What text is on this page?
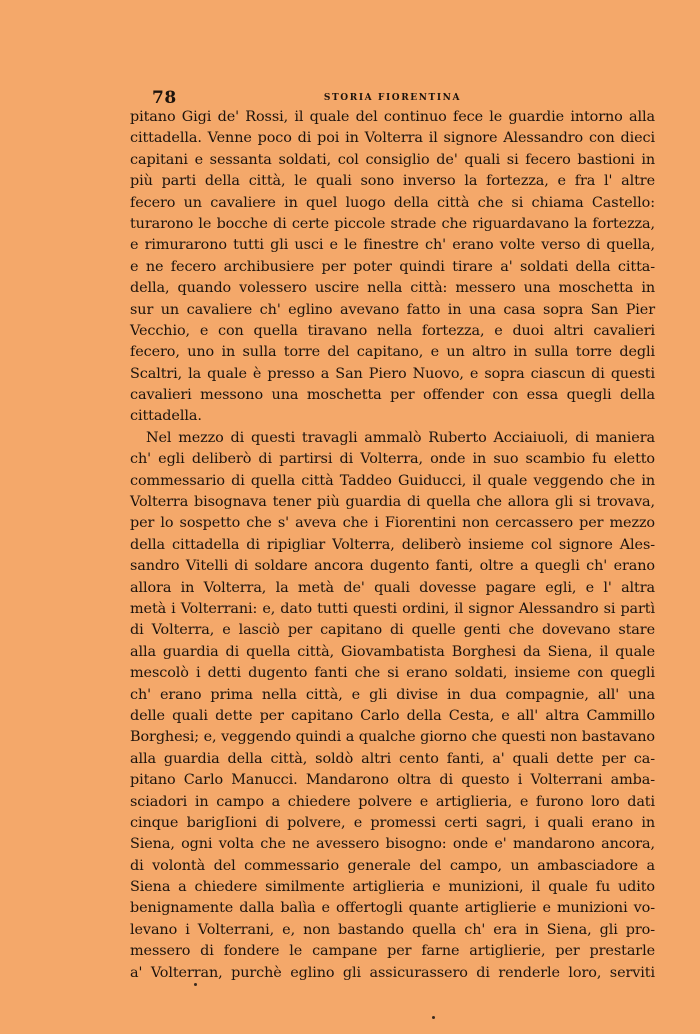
78	STORIA FIORENTINA
pitano Gigi de' Rossi, il quale del continuo fece le guardie intorno alla
cittadella. Venne poco di poi in Volterra il signore Alessandro con dieci
capitani e sessanta soldati, col consiglio de' quali si fecero bastioni in
più parti della città, le quali sono inverso la fortezza, e fra l' altre
fecero un cavaliere in quel luogo della città che si chiama Castello:
turarono le bocche di certe piccole strade che riguardavano la fortezza,
e rimurarono tutti gli usci e le finestre ch' erano volte verso di quella,
e ne fecero archibusiere per poter quindi tirare a' soldati della citta-
della, quando volessero uscire nella città: messero una moschetta in
sur un cavaliere ch' eglino avevano fatto in una casa sopra San Pier
Vecchio, e con quella tiravano nella fortezza, e duoi altri cavalieri
fecero, uno in sulla torre del capitano, e un altro in sulla torre degli
Scaltri, la quale è presso a San Piero Nuovo, e sopra ciascun di questi
cavalieri messono una moschetta per offender con essa quegli della
cittadella.
Nel mezzo di questi travagli ammalò Ruberto Acciaiuoli, di maniera
ch' egli deliberò di partirsi di Volterra, onde in suo scambio fu eletto
commessario di quella città Taddeo Guiducci, il quale veggendo che in
Volterra bisognava tener più guardia di quella che allora gli si trovava,
per lo sospetto che s' aveva che i Fiorentini non cercassero per mezzo
della cittadella di ripigliar Volterra, deliberò insieme col signore Ales-
sandro Vitelli di soldare ancora dugento fanti, oltre a quegli ch' erano
allora in Volterra, la metà de' quali dovesse pagare egli, e l' altra
metà i Volterrani: e, dato tutti questi ordini, il signor Alessandro si partì
di Volterra, e lasciò per capitano di quelle genti che dovevano stare
alla guardia di quella città, Giovambatista Borghesi da Siena, il quale
mescolò i detti dugento fanti che si erano soldati, insieme con quegli
ch' erano prima nella città, e gli divise in dua compagnie, all' una
delle quali dette per capitano Carlo della Cesta, e all' altra Cammillo
Borghesi; e, veggendo quindi a qualche giorno che questi non bastavano
alla guardia della città, soldò altri cento fanti, a' quali dette per ca-
pitano Carlo Manucci. Mandarono oltra di questo i Volterrani amba-
sciadori in campo a chiedere polvere e artiglieria, e furono loro dati
cinque barigIioni di polvere, e promessi certi sagri, i quali erano in
Siena, ogni volta che ne avessero bisogno: onde e' mandarono ancora,
di volontà del commessario generale del campo, un ambasciadore a
Siena a chiedere similmente artiglieria e munizioni, il quale fu udito
benignamente dalla balìa e offertogli quante artiglierie e munizioni vo-
levano i Volterrani, e, non bastando quella ch' era in Siena, gli pro-
messero di fondere le campane per farne artiglierie, per prestarle
a' Volterran, purchè eglino gli assicurassero di renderle loro, serviti
